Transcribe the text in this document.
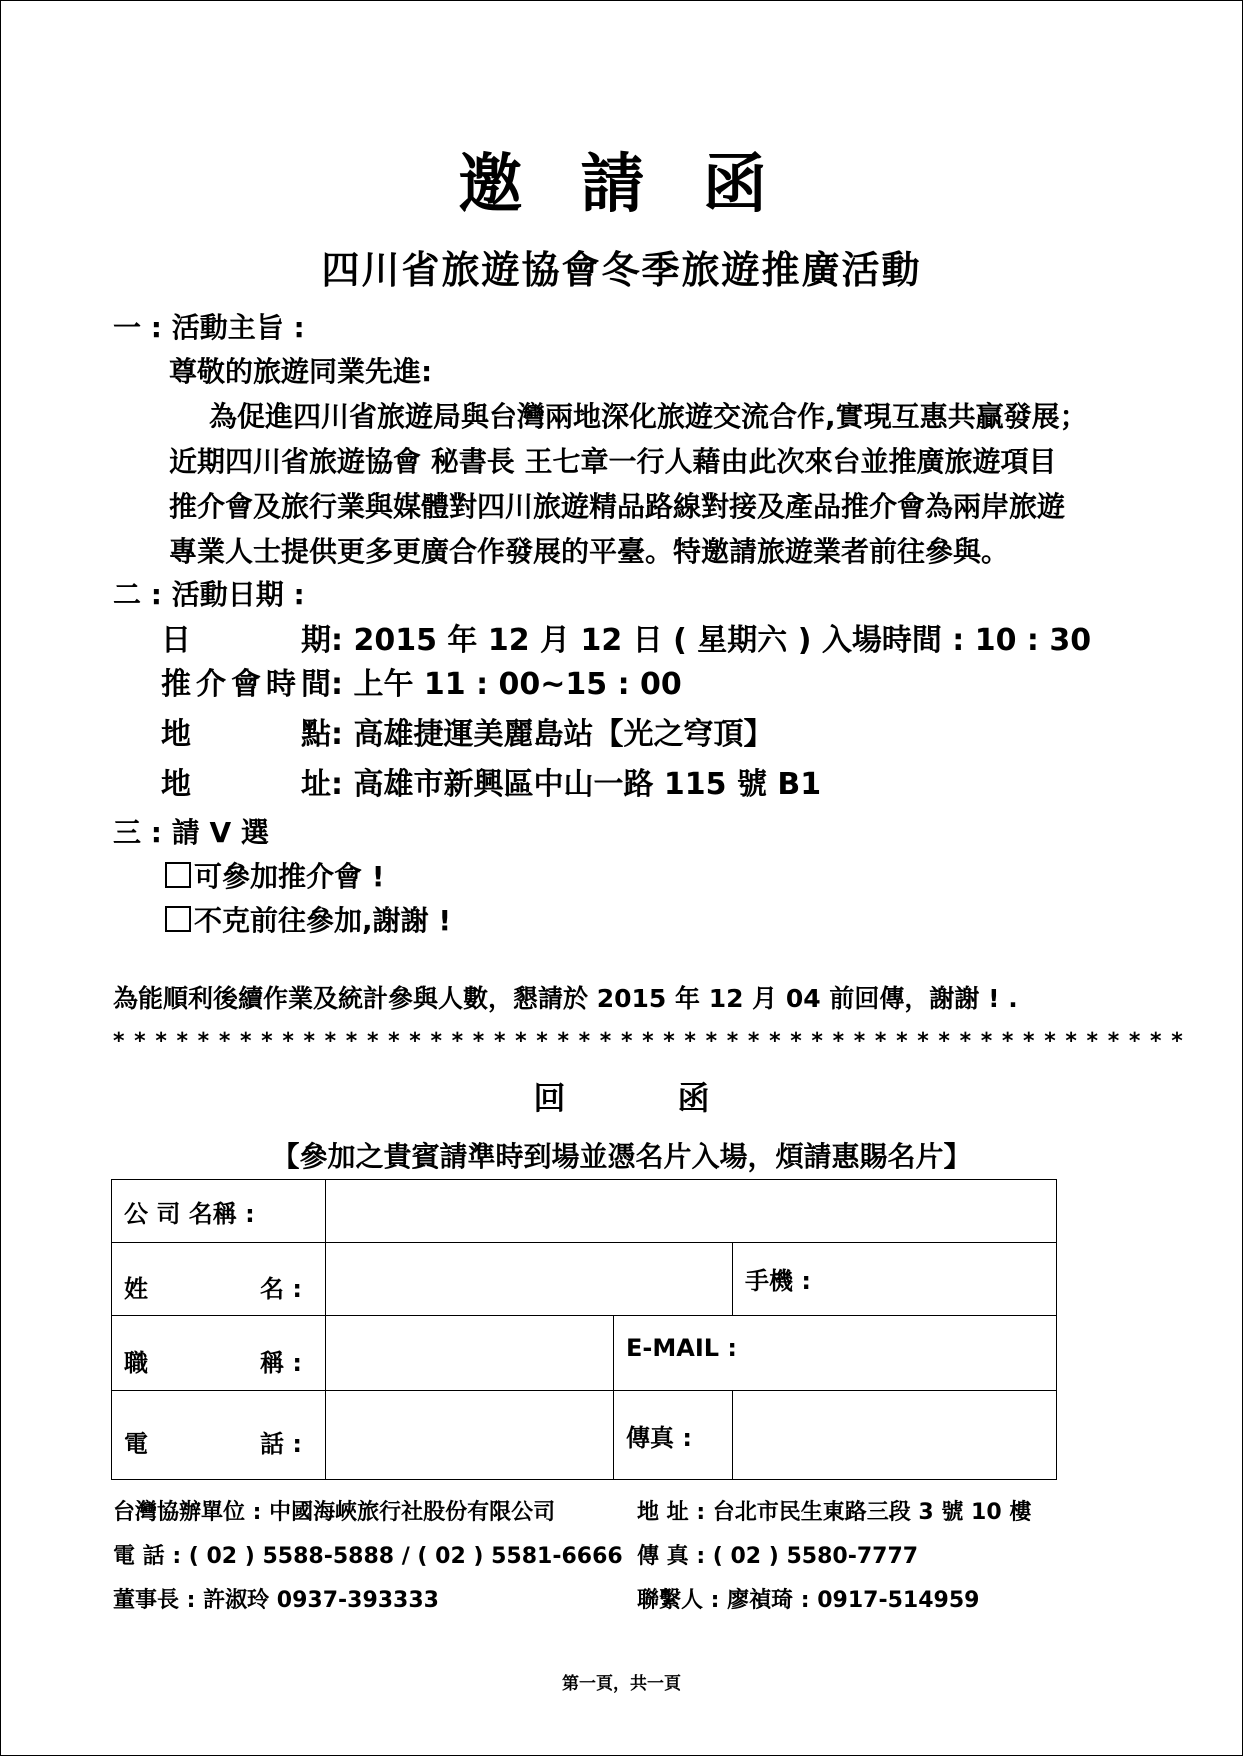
邀 請 函
四川省旅遊協會冬季旅遊推廣活動
一 : 活動主旨 :
尊敬的旅遊同業先進:
為促進四川省旅遊局與台灣兩地深化旅遊交流合作,實現互惠共贏發展；
近期四川省旅遊協會 秘書長 王七章一行人藉由此次來台並推廣旅遊項目
推介會及旅行業與媒體對四川旅遊精品路線對接及產品推介會為兩岸旅遊
專業人士提供更多更廣合作發展的平臺。特邀請旅遊業者前往參與。
二 : 活動日期 :
日期: 2015 年 12 月 12 日 ( 星期六 ) 入場時間 : 10 : 30
推介會時間: 上午 11 : 00~15 : 00
地點: 高雄捷運美麗島站【光之穹頂】
地址: 高雄市新興區中山一路 115 號 B1
三 : 請 V 選
可參加推介會 !
不克前往參加,謝謝 !
為能順利後續作業及統計參與人數，懇請於 2015 年 12 月 04 前回傳，謝謝 ! .
* * * * * * * * * * * * * * * * * * * * * * * * * * * * * * * * * * * * * * * * * * * * * * * * * * *
回	函
【參加之貴賓請準時到場並憑名片入場，煩請惠賜名片】
公 司 名稱 :			
姓名 :			手機 :
職稱 :		E-MAIL :	
電話 :		傳真 :	
台灣協辦單位 : 中國海峽旅行社股份有限公司	地 址 : 台北市民生東路三段 3 號 10 樓
電 話 : ( 02 ) 5588-5888 / ( 02 ) 5581-6666 傳 真 : ( 02 ) 5580-7777
董事長 : 許淑玲 0937-393333	聯繫人 : 廖禎琦 : 0917-514959
第一頁，共一頁
